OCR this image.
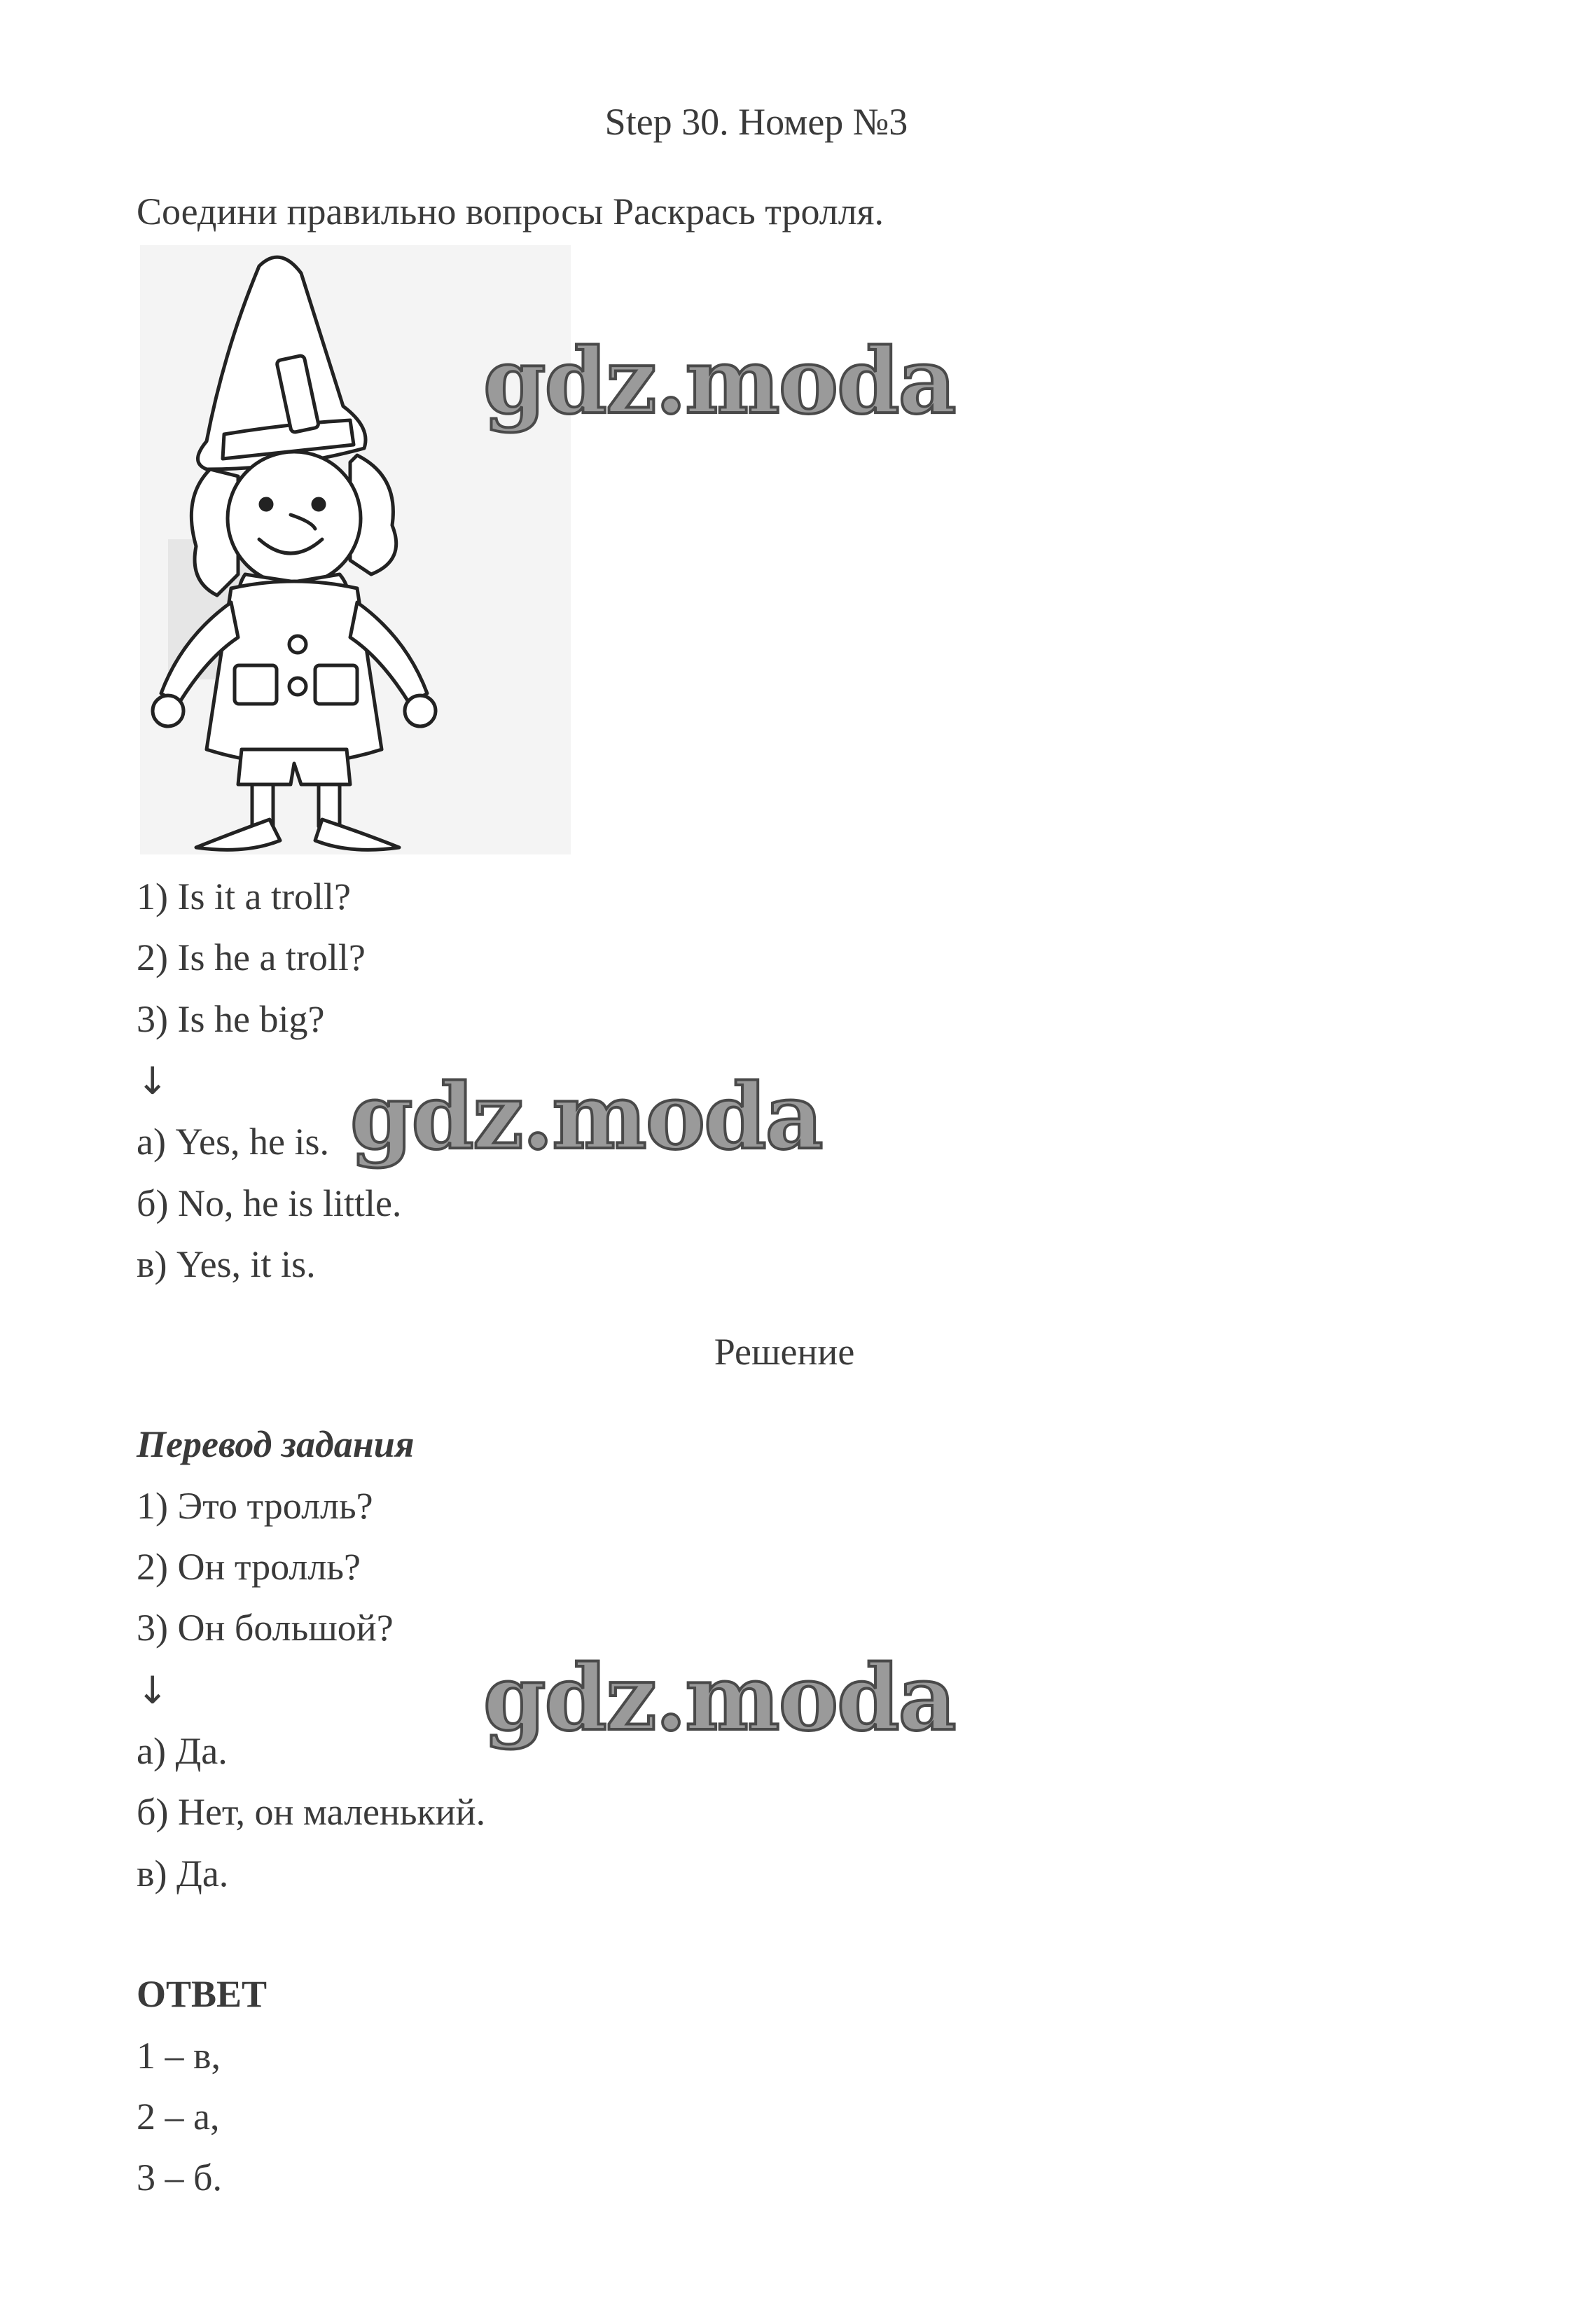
Step 30. Номер №3
Соедини правильно вопросы Раскрась тролля.
gdz.moda
1) Is it a troll?
2) Is he a troll?
3) Is he big?
↓
а) Yes, he is.
б) No, he is little.
в) Yes, it is.
gdz.moda
Решение
Перевод задания
1) Это тролль?
2) Он тролль?
3) Он большой?
↓
а) Да.
б) Нет, он маленький.
в) Да.
gdz.moda
ОТВЕТ
1 – в,
2 – а,
3 – б.
